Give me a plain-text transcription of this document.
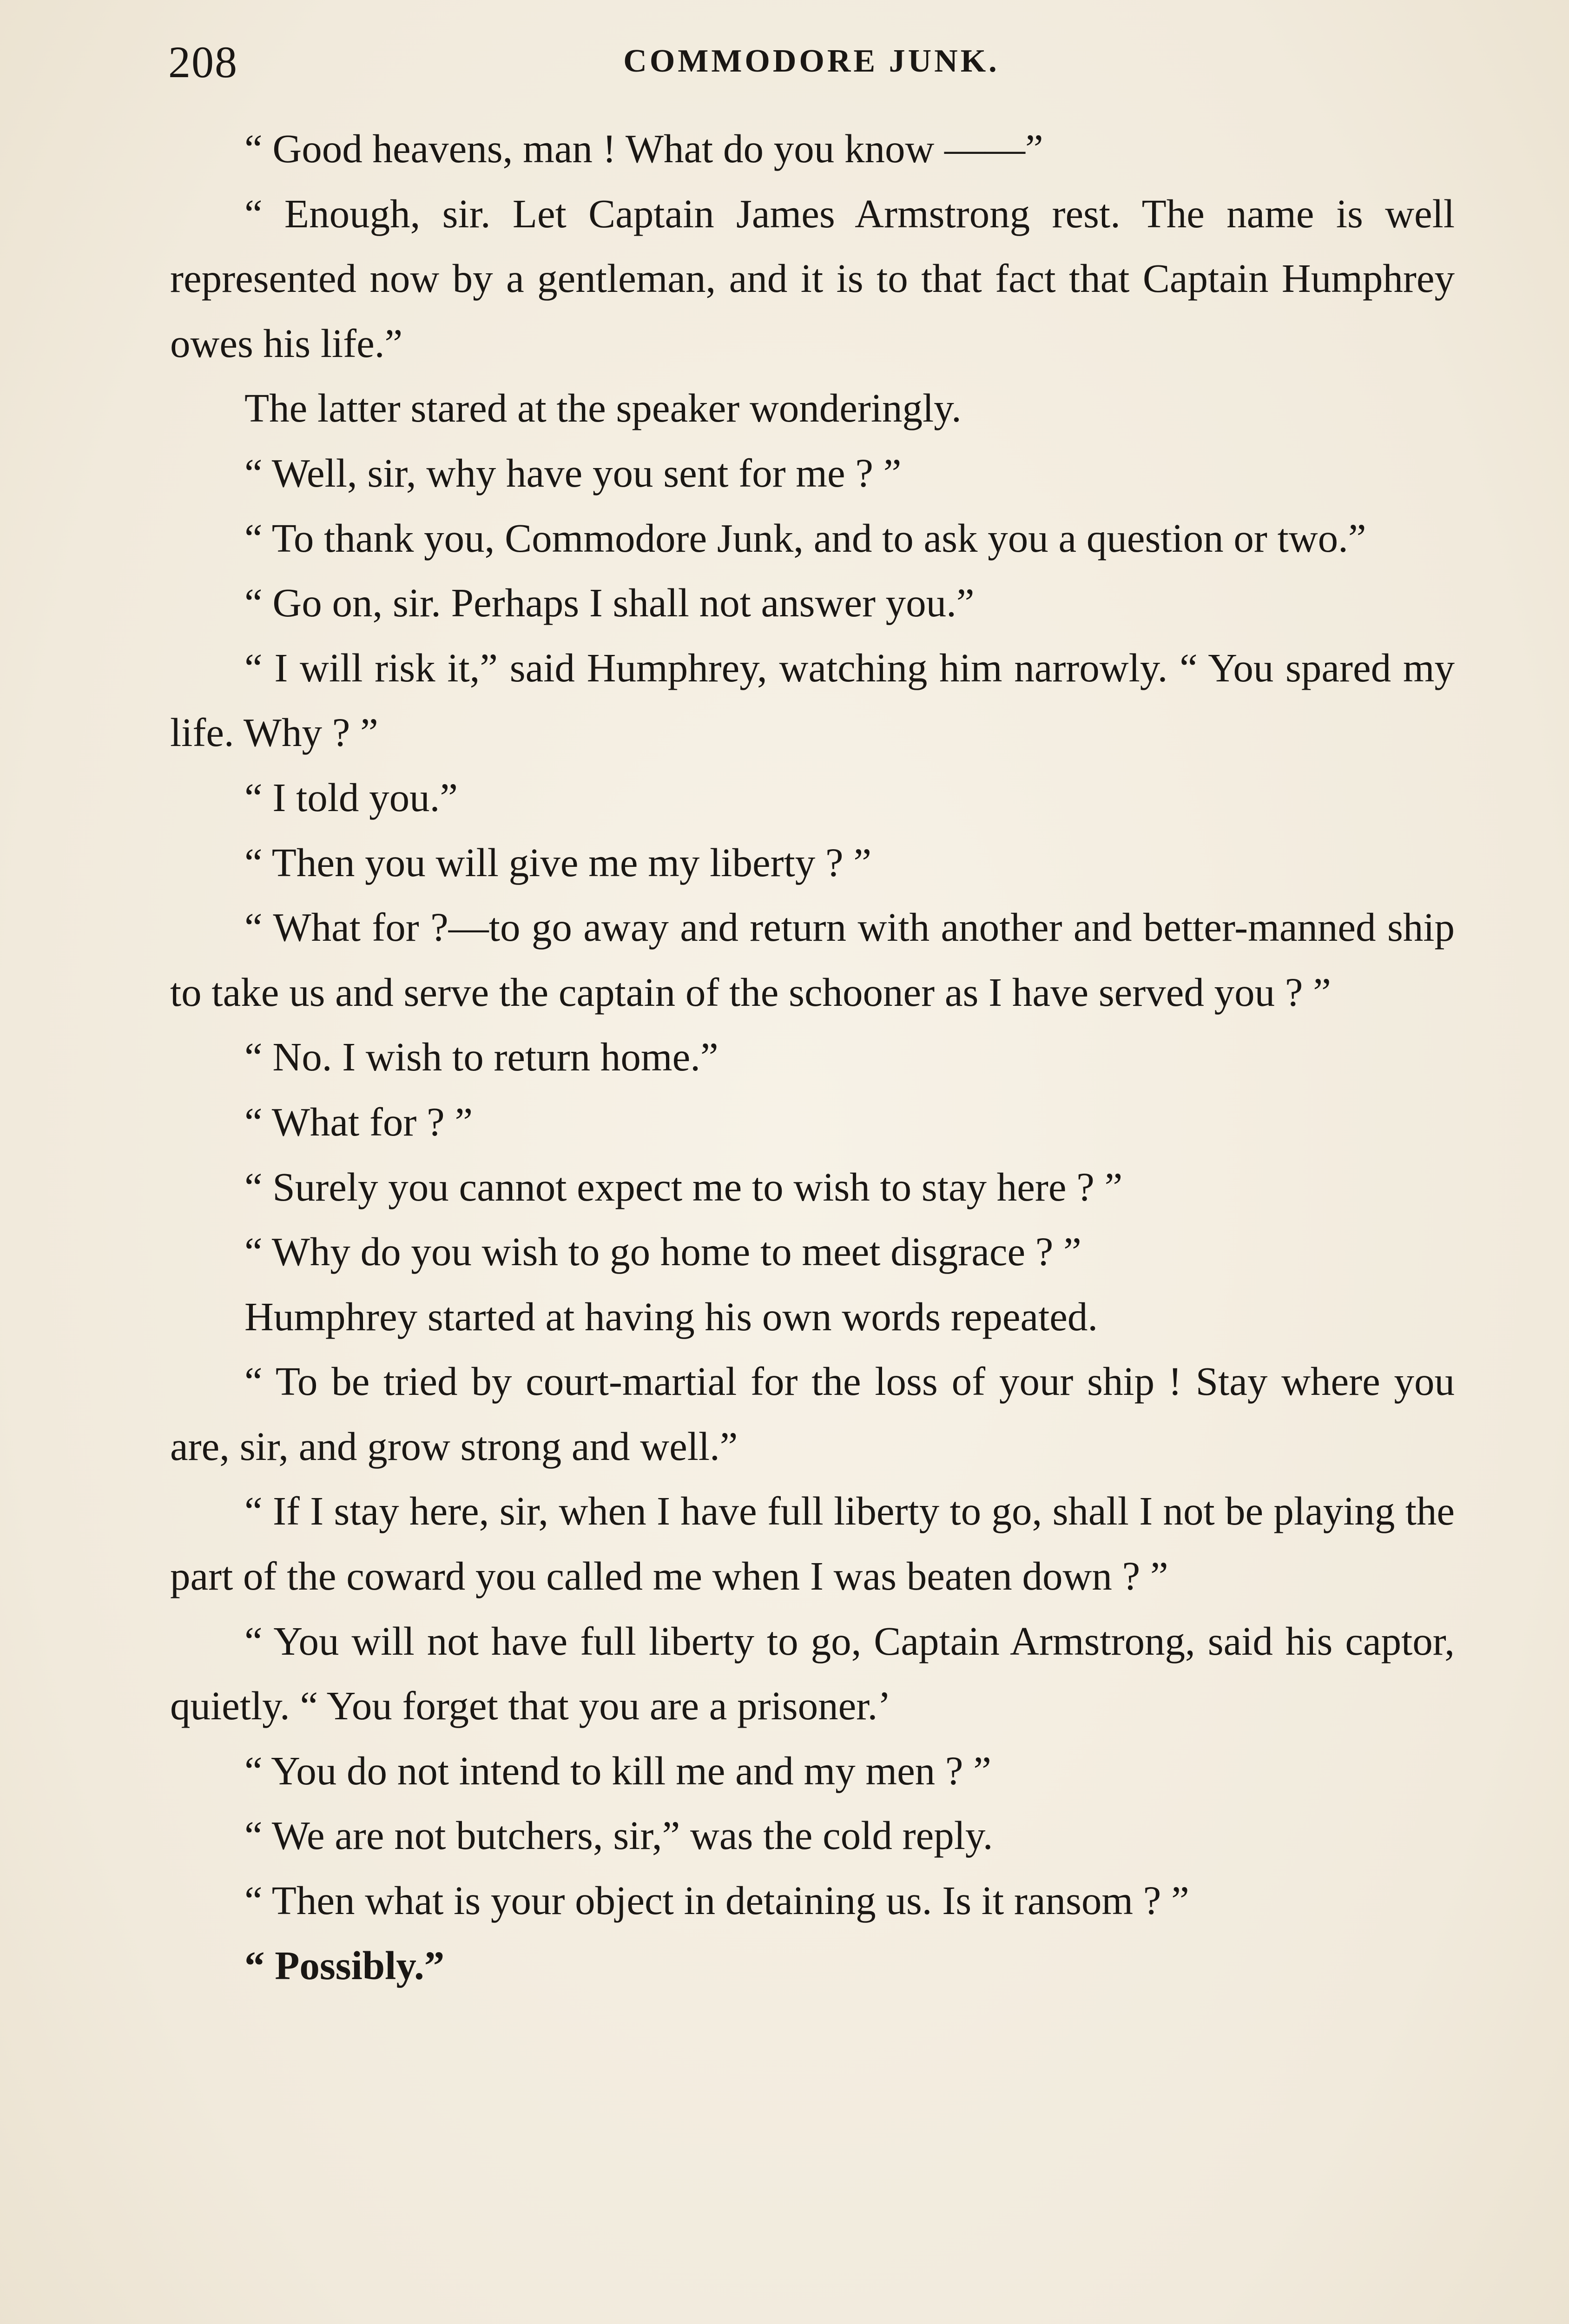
208	COMMODORE JUNK.

“ Good heavens, man ! What do you know ——”

“ Enough, sir. Let Captain James Armstrong rest. The name is well represented now by a gentleman, and it is to that fact that Captain Humphrey owes his life.”

The latter stared at the speaker wonderingly.

“ Well, sir, why have you sent for me ? ”

“ To thank you, Commodore Junk, and to ask you a question or two.”

“ Go on, sir. Perhaps I shall not answer you.”

“ I will risk it,” said Humphrey, watching him narrowly. “ You spared my life. Why ? ”

“ I told you.”

“ Then you will give me my liberty ? ”

“ What for ?—to go away and return with another and better-manned ship to take us and serve the captain of the schooner as I have served you ? ”

“ No. I wish to return home.”

“ What for ? ”

“ Surely you cannot expect me to wish to stay here ? ”

“ Why do you wish to go home to meet disgrace ? ”

Humphrey started at having his own words repeated.

“ To be tried by court-martial for the loss of your ship ! Stay where you are, sir, and grow strong and well.”

“ If I stay here, sir, when I have full liberty to go, shall I not be playing the part of the coward you called me when I was beaten down ? ”

“ You will not have full liberty to go, Captain Armstrong, said his captor, quietly. “ You forget that you are a prisoner.’

“ You do not intend to kill me and my men ? ”

“ We are not butchers, sir,” was the cold reply.

“ Then what is your object in detaining us. Is it ransom ? ”

“ Possibly.”
